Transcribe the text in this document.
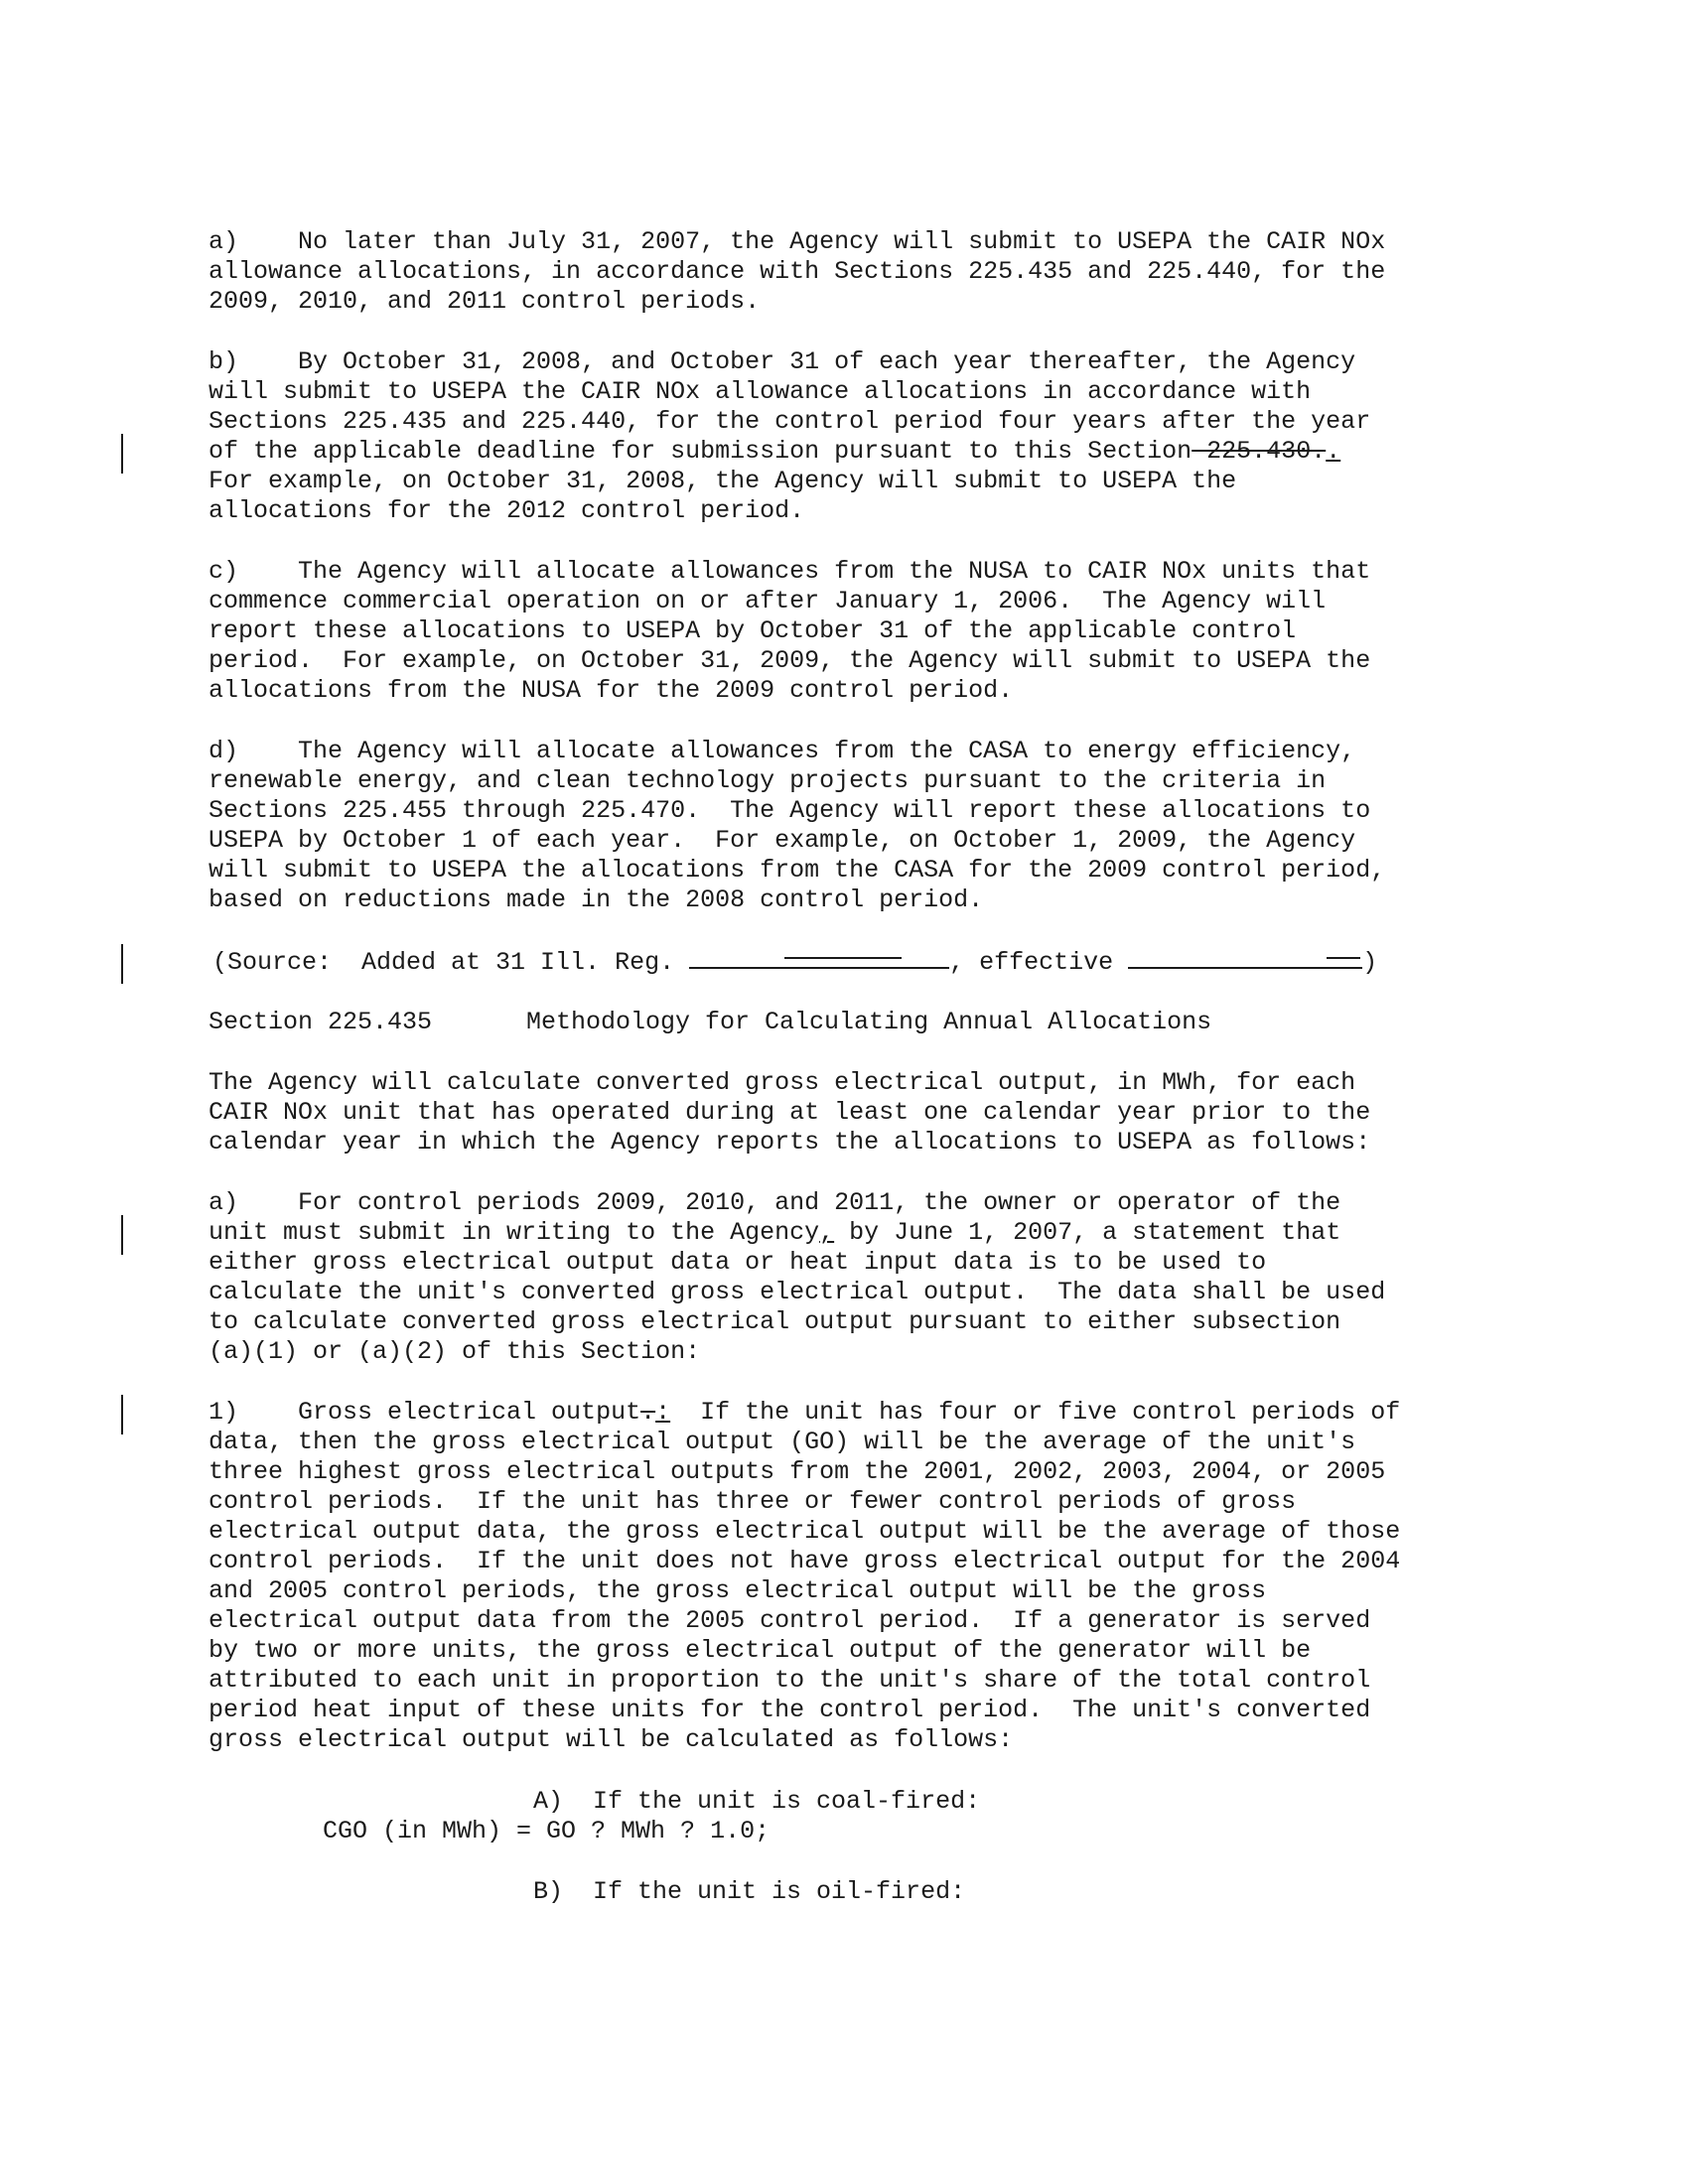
a)    No later than July 31, 2007, the Agency will submit to USEPA the CAIR NOx
allowance allocations, in accordance with Sections 225.435 and 225.440, for the
2009, 2010, and 2011 control periods.
b)    By October 31, 2008, and October 31 of each year thereafter, the Agency
will submit to USEPA the CAIR NOx allowance allocations in accordance with
Sections 225.435 and 225.440, for the control period four years after the year
of the applicable deadline for submission pursuant to this Section 225.430..
For example, on October 31, 2008, the Agency will submit to USEPA the
allocations for the 2012 control period.
c)    The Agency will allocate allowances from the NUSA to CAIR NOx units that
commence commercial operation on or after January 1, 2006.  The Agency will
report these allocations to USEPA by October 31 of the applicable control
period.  For example, on October 31, 2009, the Agency will submit to USEPA the
allocations from the NUSA for the 2009 control period.
d)    The Agency will allocate allowances from the CASA to energy efficiency,
renewable energy, and clean technology projects pursuant to the criteria in
Sections 225.455 through 225.470.  The Agency will report these allocations to
USEPA by October 1 of each year.  For example, on October 1, 2009, the Agency
will submit to USEPA the allocations from the CASA for the 2009 control period,
based on reductions made in the 2008 control period.
(Source:  Added at 31 Ill. Reg.	, effective	)
Section 225.435	Methodology for Calculating Annual Allocations
The Agency will calculate converted gross electrical output, in MWh, for each
CAIR NOx unit that has operated during at least one calendar year prior to the
calendar year in which the Agency reports the allocations to USEPA as follows:
a)    For control periods 2009, 2010, and 2011, the owner or operator of the
unit must submit in writing to the Agency, by June 1, 2007, a statement that
either gross electrical output data or heat input data is to be used to
calculate the unit's converted gross electrical output.  The data shall be used
to calculate converted gross electrical output pursuant to either subsection
(a)(1) or (a)(2) of this Section:
1)    Gross electrical output.:  If the unit has four or five control periods of
data, then the gross electrical output (GO) will be the average of the unit's
three highest gross electrical outputs from the 2001, 2002, 2003, 2004, or 2005
control periods.  If the unit has three or fewer control periods of gross
electrical output data, the gross electrical output will be the average of those
control periods.  If the unit does not have gross electrical output for the 2004
and 2005 control periods, the gross electrical output will be the gross
electrical output data from the 2005 control period.  If a generator is served
by two or more units, the gross electrical output of the generator will be
attributed to each unit in proportion to the unit's share of the total control
period heat input of these units for the control period.  The unit's converted
gross electrical output will be calculated as follows:
A)  If the unit is coal-fired:
CGO (in MWh) = GO ? MWh ? 1.0;
B)  If the unit is oil-fired:
